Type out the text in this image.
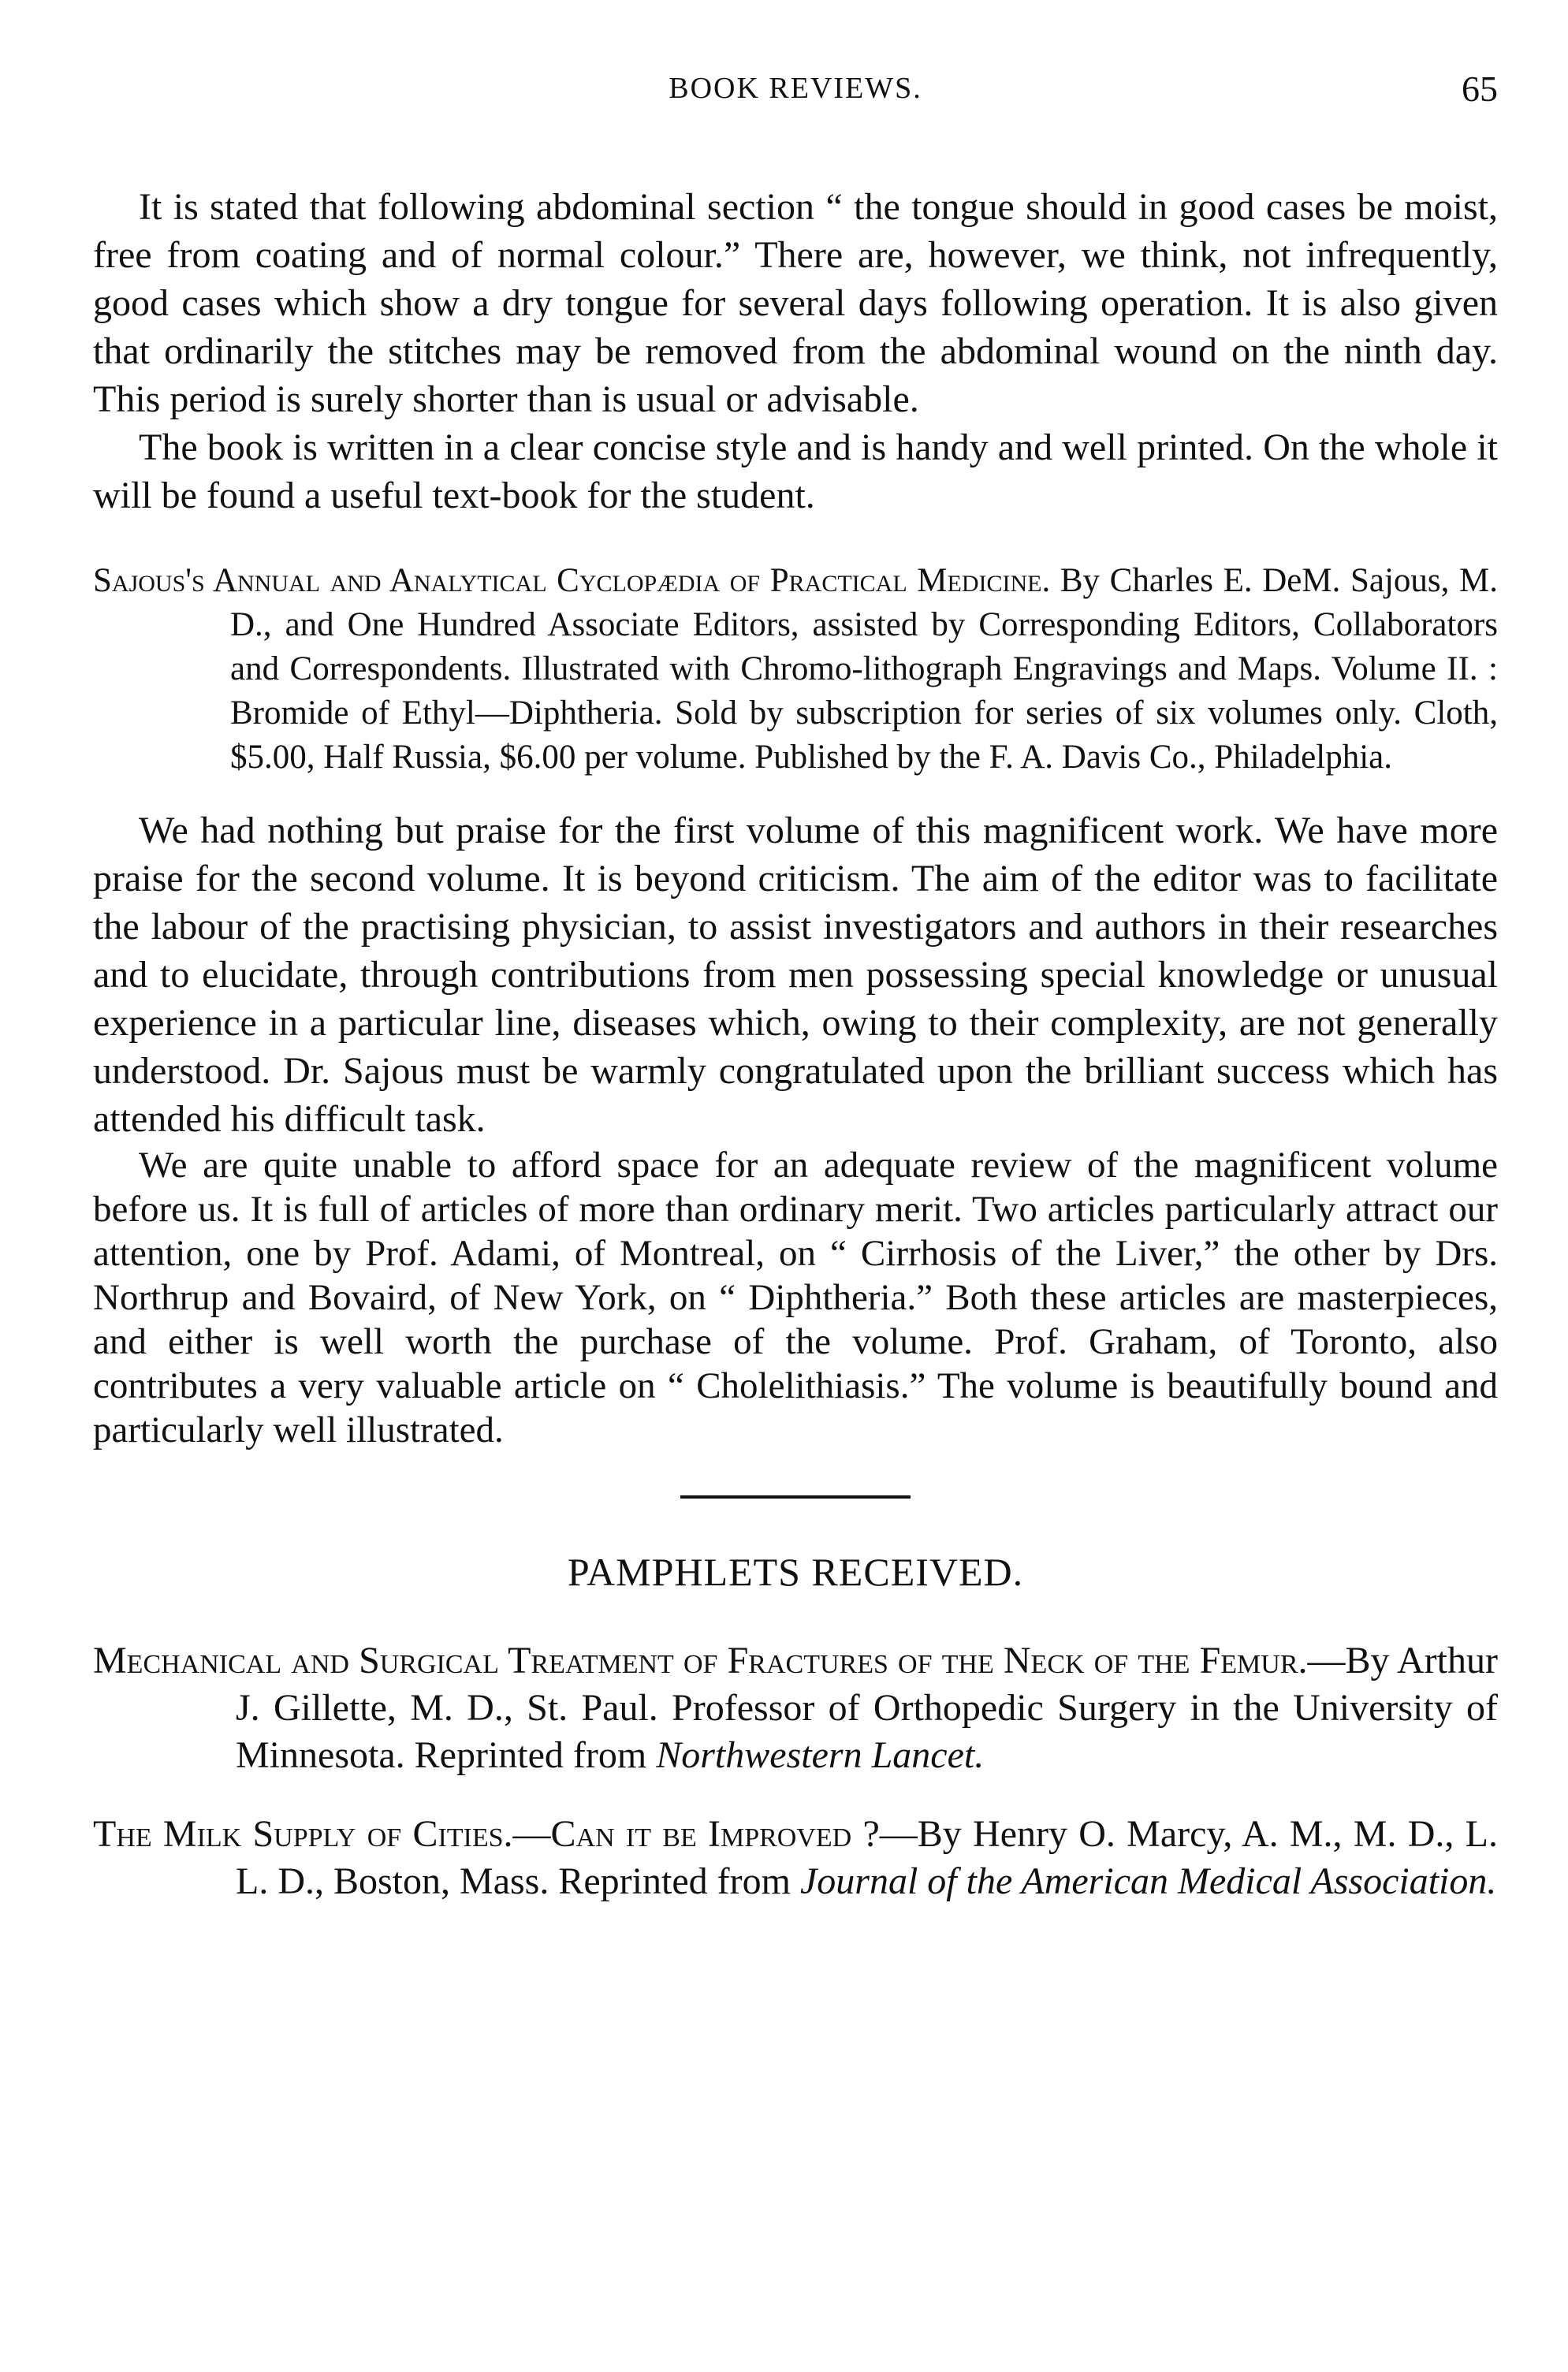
BOOK REVIEWS.	65

It is stated that following abdominal section “ the tongue should in good cases be moist, free from coating and of normal colour.” There are, however, we think, not infrequently, good cases which show a dry tongue for several days following operation. It is also given that ordinarily the stitches may be removed from the abdominal wound on the ninth day. This period is surely shorter than is usual or advisable.

The book is written in a clear concise style and is handy and well printed. On the whole it will be found a useful text-book for the student.

Sajous's Annual and Analytical Cyclopædia of Practical Medicine. By Charles E. DeM. Sajous, M. D., and One Hundred Associate Editors, assisted by Corresponding Editors, Collaborators and Correspondents. Illustrated with Chromo-lithograph Engravings and Maps. Volume II. : Bromide of Ethyl—Diphtheria. Sold by subscription for series of six volumes only. Cloth, $5.00, Half Russia, $6.00 per volume. Published by the F. A. Davis Co., Philadelphia.

We had nothing but praise for the first volume of this magnificent work. We have more praise for the second volume. It is beyond criticism. The aim of the editor was to facilitate the labour of the practising physician, to assist investigators and authors in their researches and to elucidate, through contributions from men possessing special knowledge or unusual experience in a particular line, diseases which, owing to their complexity, are not generally understood. Dr. Sajous must be warmly congratulated upon the brilliant success which has attended his difficult task.

We are quite unable to afford space for an adequate review of the magnificent volume before us. It is full of articles of more than ordinary merit. Two articles particularly attract our attention, one by Prof. Adami, of Montreal, on “ Cirrhosis of the Liver,” the other by Drs. Northrup and Bovaird, of New York, on “ Diphtheria.” Both these articles are masterpieces, and either is well worth the purchase of the volume. Prof. Graham, of Toronto, also contributes a very valuable article on “ Cholelithiasis.” The volume is beautifully bound and particularly well illustrated.

PAMPHLETS RECEIVED.
Mechanical and Surgical Treatment of Fractures of the Neck of the Femur.—By Arthur J. Gillette, M. D., St. Paul. Professor of Orthopedic Surgery in the University of Minnesota. Reprinted from Northwestern Lancet.
The Milk Supply of Cities.—Can it be Improved ?—By Henry O. Marcy, A. M., M. D., L. L. D., Boston, Mass. Reprinted from Journal of the American Medical Association.
